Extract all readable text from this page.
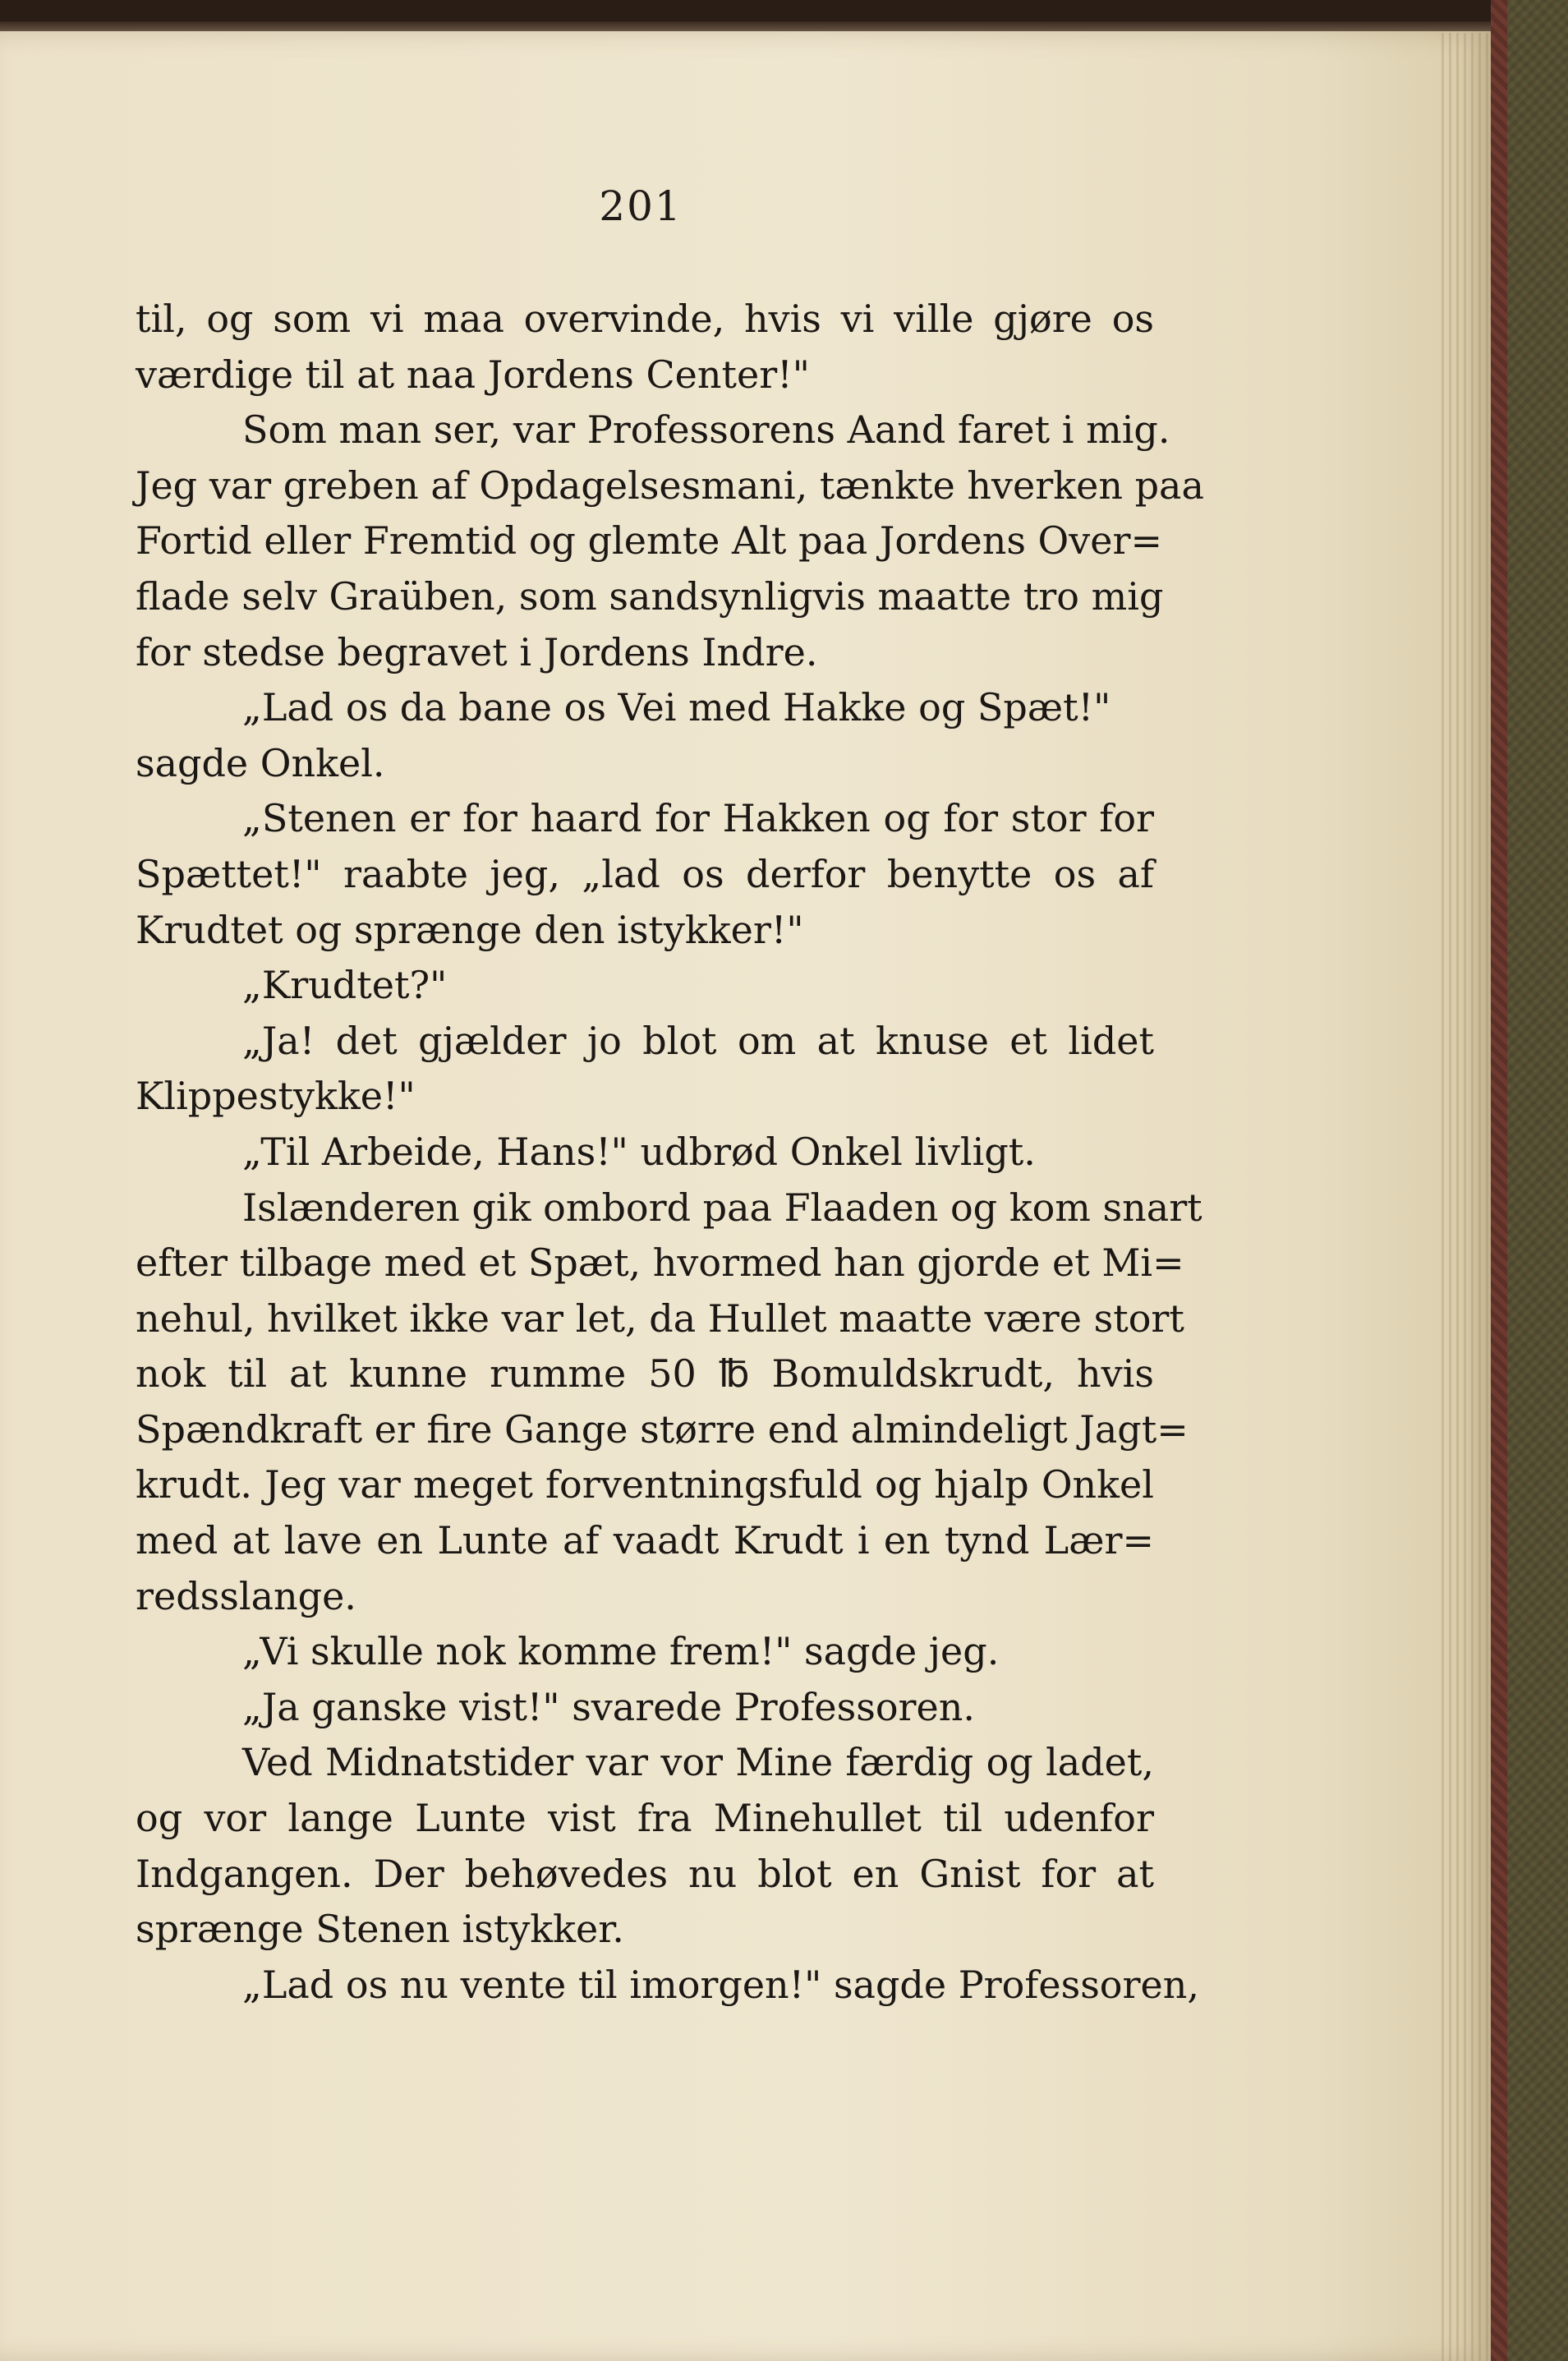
201
til, og som vi maa overvinde, hvis vi ville gjøre os
værdige til at naa Jordens Center!"
Som man ser, var Professorens Aand faret i mig.
Jeg var greben af Opdagelsesmani, tænkte hverken paa
Fortid eller Fremtid og glemte Alt paa Jordens Over=
flade selv Graüben, som sandsynligvis maatte tro mig
for stedse begravet i Jordens Indre.
„Lad os da bane os Vei med Hakke og Spæt!"
sagde Onkel.
„Stenen er for haard for Hakken og for stor for
Spættet!" raabte jeg, „lad os derfor benytte os af
Krudtet og sprænge den istykker!"
„Krudtet?"
„Ja! det gjælder jo blot om at knuse et lidet
Klippestykke!"
„Til Arbeide, Hans!" udbrød Onkel livligt.
Islænderen gik ombord paa Flaaden og kom snart
efter tilbage med et Spæt, hvormed han gjorde et Mi=
nehul, hvilket ikke var let, da Hullet maatte være stort
nok til at kunne rumme 50 ℔ Bomuldskrudt, hvis
Spændkraft er fire Gange større end almindeligt Jagt=
krudt. Jeg var meget forventningsfuld og hjalp Onkel
med at lave en Lunte af vaadt Krudt i en tynd Lær=
redsslange.
„Vi skulle nok komme frem!" sagde jeg.
„Ja ganske vist!" svarede Professoren.
Ved Midnatstider var vor Mine færdig og ladet,
og vor lange Lunte vist fra Minehullet til udenfor
Indgangen. Der behøvedes nu blot en Gnist for at
sprænge Stenen istykker.
„Lad os nu vente til imorgen!" sagde Professoren,
